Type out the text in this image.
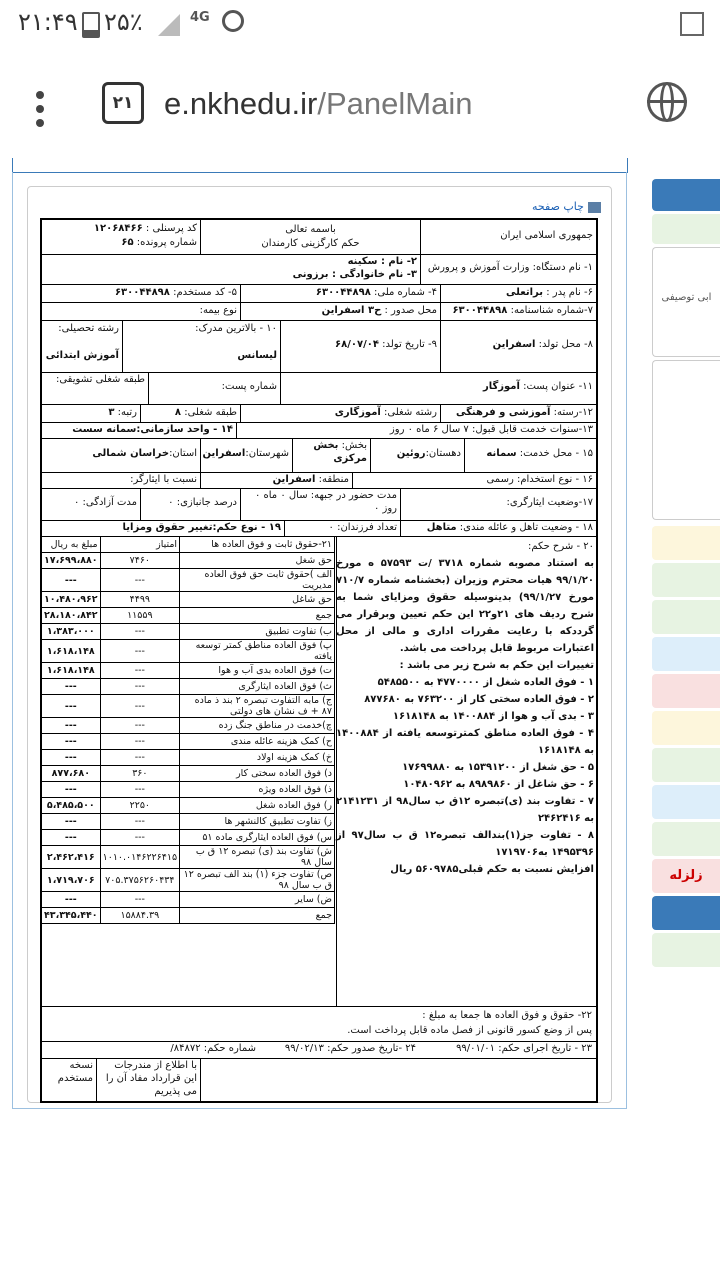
۲۱:۴۹ ۲۵٪	4G
۲۱ e.nkhedu.ir/PanelMain
چاپ صفحه
ابی توصیفی
زلزله
جمهوری اسلامی ایران
باسمه تعالی
حکم کارگزینی کارمندان
کد پرسنلی : ۱۲۰۶۸۴۶۶
شماره پرونده: ۶۵
۱- نام دستگاه: وزارت آموزش و پرورش
۲- نام : سکینه
۳- نام خانوادگی : برزونی
۶- نام پدر : براتعلی
۴- شماره ملی: ۶۳۰۰۴۴۸۹۸
۵- کد مستخدم: ۶۳۰۰۴۴۸۹۸
۷-شماره شناسنامه: ۶۳۰۰۴۴۸۹۸
محل صدور : ح۳ اسفراین
نوع بیمه:
۸- محل تولد: اسفراین
۹- تاریخ تولد: ۶۸/۰۷/۰۴
۱۰ - بالاترین مدرک:
لیسانس
رشته تحصیلی:
آموزش ابتدائی
۱۱- عنوان پست: آموزگار
شماره پست:
طبقه شغلی تشویقی:
۱۲-رسته: آموزشی و فرهنگی
رشته شغلی: آموزگاری
طبقه شغلی: ۸
رتبه: ۳
۱۳-سنوات خدمت قابل قبول: ۷ سال ۶ ماه ۰ روز
۱۴ - واحد سازمانی:سمانه سست
۱۵ - محل خدمت: سمانه
دهستان:روئین
بخش: بخش مرکزی
شهرستان:اسفراین
استان:خراسان شمالی
۱۶ - نوع استخدام: رسمی
منطقه: اسفراین
نسبت با ایثارگر:
۱۷-وضعیت ایثارگری:
مدت حضور در جبهه: سال ۰ ماه ۰ روز ۰
درصد جانبازی: ۰
مدت آزادگی: ۰
۱۸ - وضعیت تاهل و عائله مندی: متاهل
تعداد فرزندان: ۰
۱۹ - نوع حکم:تغییر حقوق ومزایا
۲۰ - شرح حکم:
به استناد مصوبه شماره ۳۷۱۸ /ت ۵۷۵۹۳ ه مورخ ۹۹/۱/۲۰ هیات محترم وزیران (بخشنامه شماره ۷۱۰/۷ مورخ ۹۹/۱/۲۷) بدینوسیله حقوق ومزایای شما به شرح ردیف های ۲۱و۲۲ این حکم تعیین وبرقرار می گرددکه با رعایت مقررات اداری و مالی از محل اعتبارات مربوط قابل پرداخت می باشد.
تغییرات این حکم به شرح زیر می باشد :
۱ - فوق العاده شغل از ۴۷۷۰۰۰۰ به ۵۴۸۵۵۰۰
۲ - فوق العاده سختی کار از ۷۶۳۲۰۰ به ۸۷۷۶۸۰
۳ - بدی آب و هوا از ۱۴۰۰۸۸۴ به ۱۶۱۸۱۴۸
۴ - فوق العاده مناطق کمترتوسعه یافته از ۱۴۰۰۸۸۴ به ۱۶۱۸۱۴۸
۵ - حق شغل از ۱۵۳۹۱۲۰۰ به ۱۷۶۹۹۸۸۰
۶ - حق شاغل از ۸۹۸۹۸۶۰ به ۱۰۴۸۰۹۶۲
۷ - تفاوت بند (ی)تبصره ۱۲ق ب سال۹۸ از ۲۱۴۱۲۳۱ به ۲۴۶۲۴۱۶
۸ - تفاوت جز(۱)بندالف تبصره۱۲ ق ب سال۹۷ از ۱۴۹۵۳۹۶ به۱۷۱۹۷۰۶
افزایش نسبت به حکم قبلی۵۶۰۹۷۸۵ ریال
۲۱-حقوق ثابت و فوق العاده ها	امتیاز	مبلغ به ریال
حق شغل	۷۴۶۰	۱۷،۶۹۹،۸۸۰
الف )حقوق ثابت حق فوق العاده مدیریت	---	---
حق شاغل	۴۴۹۹	۱۰،۴۸۰،۹۶۲
جمع	۱۱۵۵۹	۲۸،۱۸۰،۸۴۲
ب) تفاوت تطبیق	---	۱،۳۸۳،۰۰۰
پ) فوق العاده مناطق کمتر توسعه یافته	---	۱،۶۱۸،۱۴۸
ت) فوق العاده بدی آب و هوا	---	۱،۶۱۸،۱۴۸
ث) فوق العاده ایثارگری	---	---
ج) مابه التفاوت تبصره ۲ بند ذ ماده ۸۷ + ف نشان های دولتی	---	---
چ)خدمت در مناطق جنگ زده	---	---
ح) کمک هزینه عائله مندی	---	---
خ) کمک هزینه اولاد	---	---
د) فوق العاده سختی کار	۳۶۰	۸۷۷،۶۸۰
ذ) فوق العاده ویژه	---	---
ر) فوق العاده شغل	۲۲۵۰	۵،۴۸۵،۵۰۰
ز) تفاوت تطبیق کالنشهر ها	---	---
س) فوق العاده ایثارگری ماده ۵۱	---	---
ش) تفاوت بند (ی) تبصره ۱۲ ق ب سال ۹۸	۱۰۱۰.۰۱۴۶۲۲۶۴۱۵	۲،۴۶۲،۴۱۶
ص) تفاوت جزء (۱) بند الف تبصره ۱۲ ق ب سال ۹۸	۷۰۵.۳۷۵۶۲۶۰۴۳۴	۱،۷۱۹،۷۰۶
ض) سایر	---	---
جمع	۱۵۸۸۴.۳۹	۴۳،۳۴۵،۴۴۰
۲۲- حقوق و فوق العاده ها جمعا به مبلغ :
پس از وضع کسور قانونی از فصل ماده قابل پرداخت است.
۲۳ - تاریخ اجرای حکم: ۹۹/۰۱/۰۱
۲۴ -تاریخ صدور حکم: ۹۹/۰۲/۱۳
شماره حکم: ۸۴۸۷۲/
با اطلاع از مندرجات این قرارداد مفاد آن را می پذیریم
نسخه مستخدم
